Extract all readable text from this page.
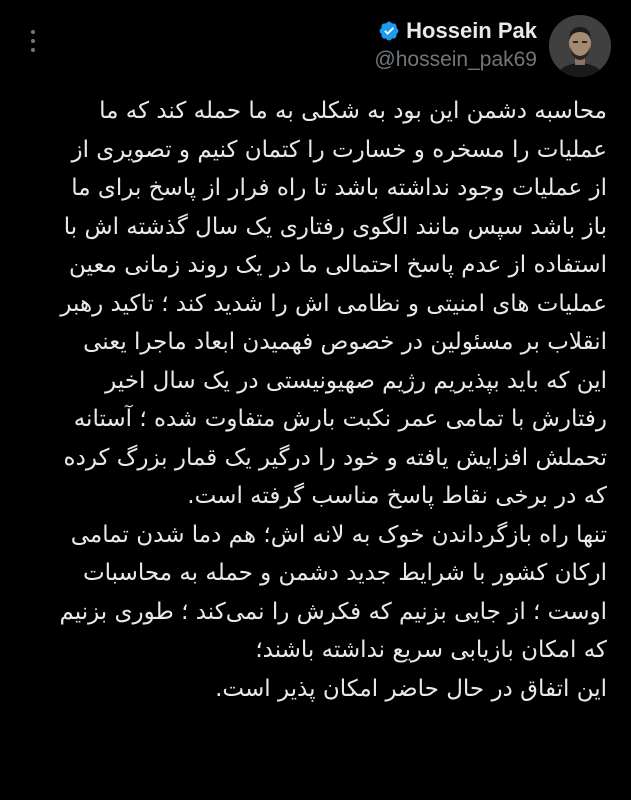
Hossein Pak
@hossein_pak69
محاسبه دشمن این بود به شکلی به ما حمله کند که ما
عملیات را مسخره و خسارت را کتمان کنیم و تصویری از
از عملیات وجود نداشته باشد تا راه فرار از پاسخ برای ما
باز باشد سپس مانند الگوی رفتاری یک سال گذشته اش با
استفاده از عدم پاسخ احتمالی ما در یک روند زمانی معین
عملیات های امنیتی و نظامی اش را شدید کند ؛ تاکید رهبر
انقلاب بر مسئولین در خصوص فهمیدن ابعاد ماجرا یعنی
این که باید بپذیریم رژیم صهیونیستی در یک سال اخیر
رفتارش با تمامی عمر نکبت بارش متفاوت شده ؛ آستانه
تحملش افزایش یافته و خود را درگیر یک قمار بزرگ کرده
که در برخی نقاط پاسخ مناسب گرفته است.
تنها راه بازگرداندن خوک به لانه اش؛ هم دما شدن تمامی
ارکان کشور با شرایط جدید دشمن و حمله به محاسبات
اوست ؛ از جایی بزنیم که فکرش را نمی‌کند ؛ طوری بزنیم
که امکان بازیابی سریع نداشته باشند؛
این اتفاق در حال حاضر امکان پذیر است.
